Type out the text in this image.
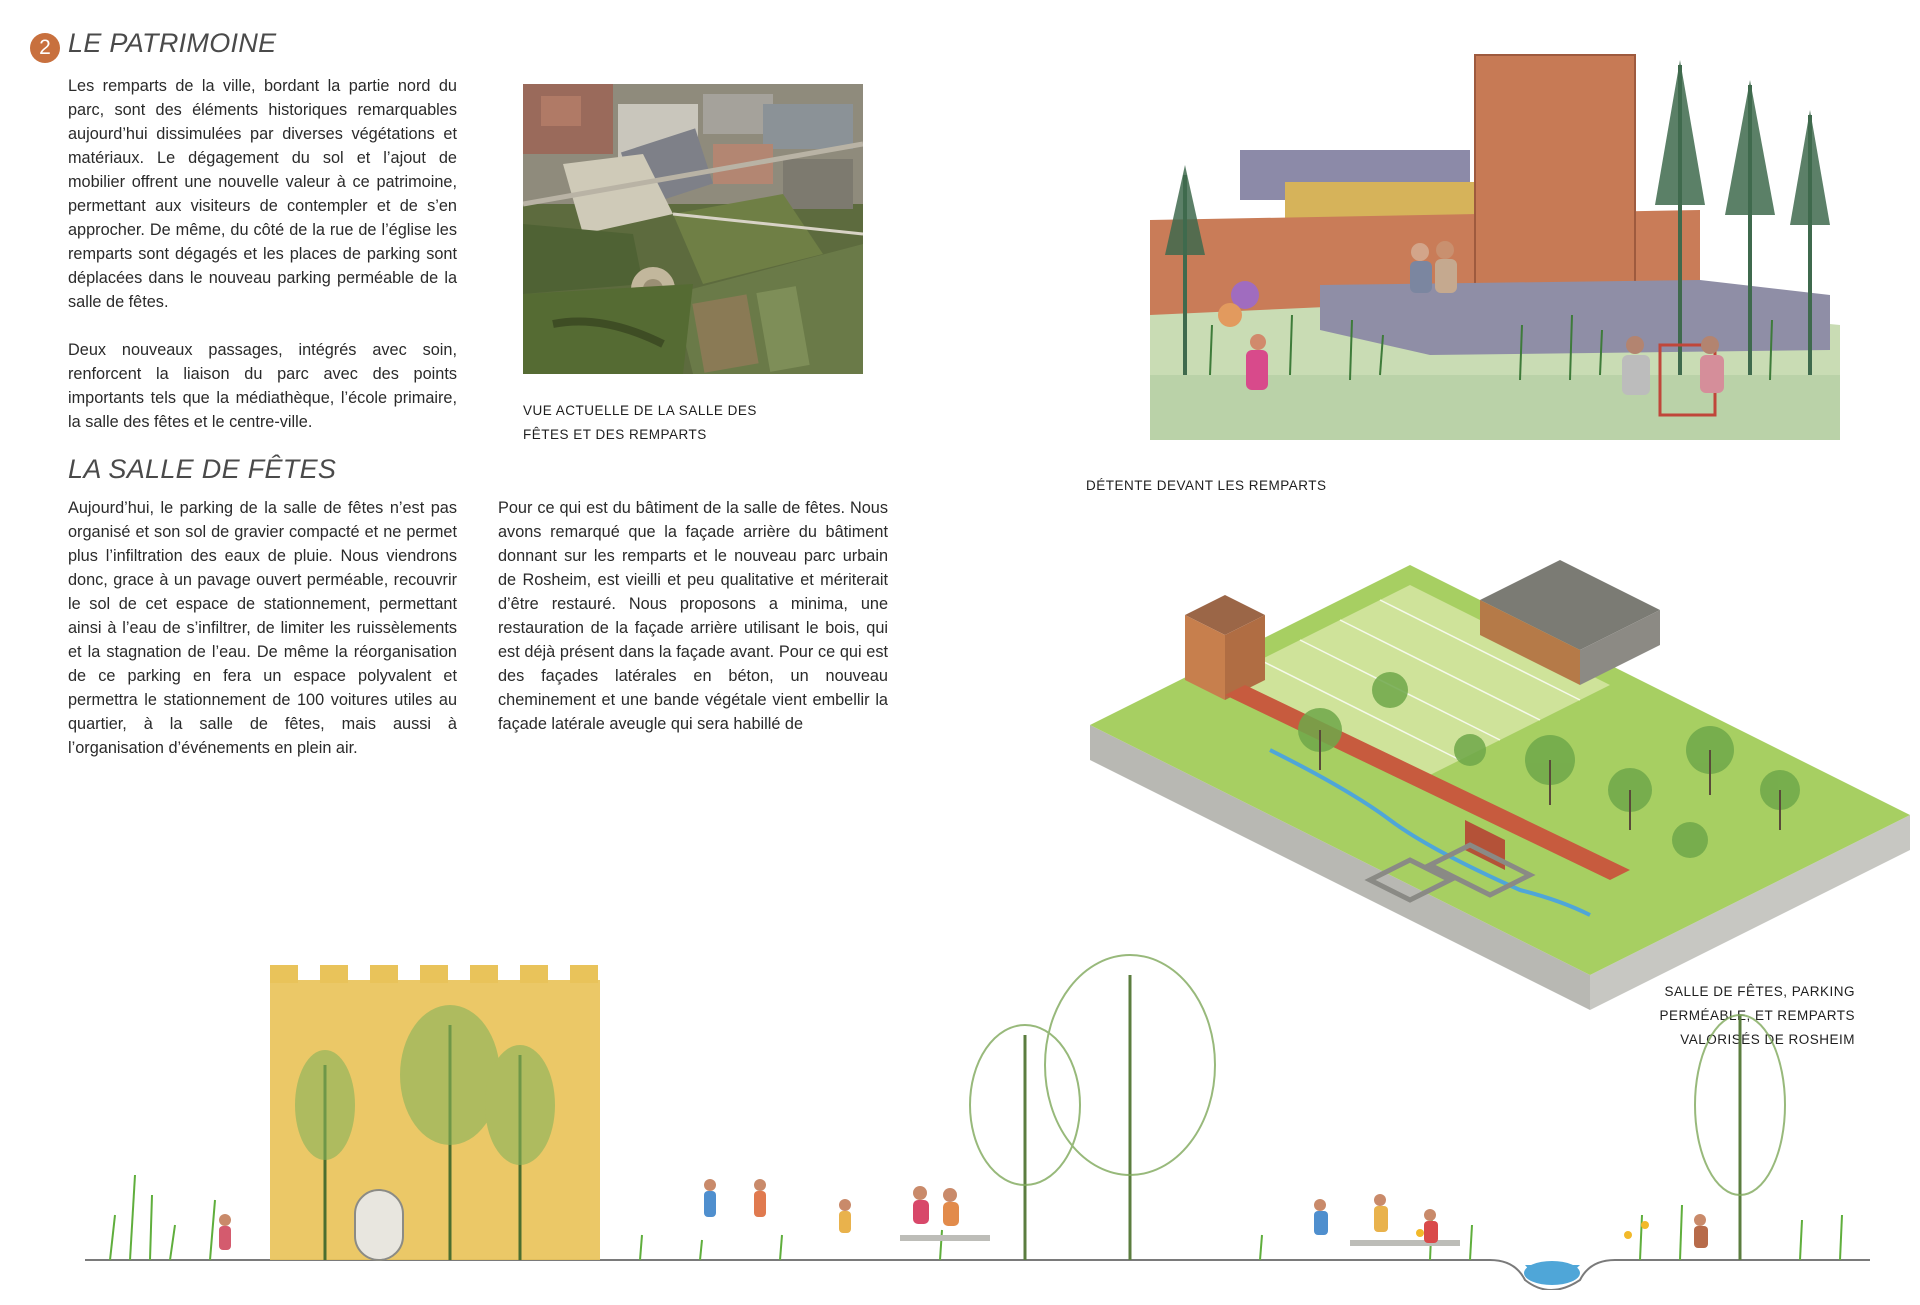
2 LE PATRIMOINE

Les remparts de la ville, bordant la partie nord du parc, sont des éléments historiques remarquables aujourd’hui dissimulées par diverses végétations et matériaux. Le dégagement du sol et l’ajout de mobilier offrent une nouvelle valeur à ce patrimoine, permettant aux visiteurs de contempler et de s’en approcher. De même, du côté de la rue de l’église les remparts sont dégagés et les places de parking sont déplacées dans le nouveau parking perméable de la salle de fêtes.

Deux nouveaux passages, intégrés avec soin, renforcent la liaison du parc avec des points importants tels que la médiathèque, l’école primaire, la salle des fêtes et le centre-ville.

LA SALLE DE FÊTES

Aujourd’hui, le parking de la salle de fêtes n’est pas organisé et son sol de gravier compacté et ne permet plus l’infiltration des eaux de pluie. Nous viendrons donc, grace à un pavage ouvert perméable, recouvrir le sol de cet espace de stationnement, permettant ainsi à l’eau de s’infiltrer, de limiter les ruissèlements et la stagnation de l’eau. De même la réorganisation de ce parking en fera un espace polyvalent et permettra le stationnement de 100 voitures utiles au quartier, à la salle de fêtes, mais aussi à l’organisation d’événements en plein air.

Pour ce qui est du bâtiment de la salle de fêtes. Nous avons remarqué que la façade arrière du bâtiment donnant sur les remparts et le nouveau parc urbain de Rosheim, est vieilli et peu qualitative et mériterait d’être restauré. Nous proposons a minima, une restauration de la façade arrière utilisant le bois, qui est déjà présent dans la façade avant. Pour ce qui est des façades latérales en béton, un nouveau cheminement et une bande végétale vient embellir la façade latérale aveugle qui sera habillé de

VUE ACTUELLE DE LA SALLE DES
FÊTES ET DES REMPARTS
DÉTENTE DEVANT LES REMPARTS
SALLE DE FÊTES, PARKING
PERMÉABLE, ET REMPARTS
VALORISÉS DE ROSHEIM
